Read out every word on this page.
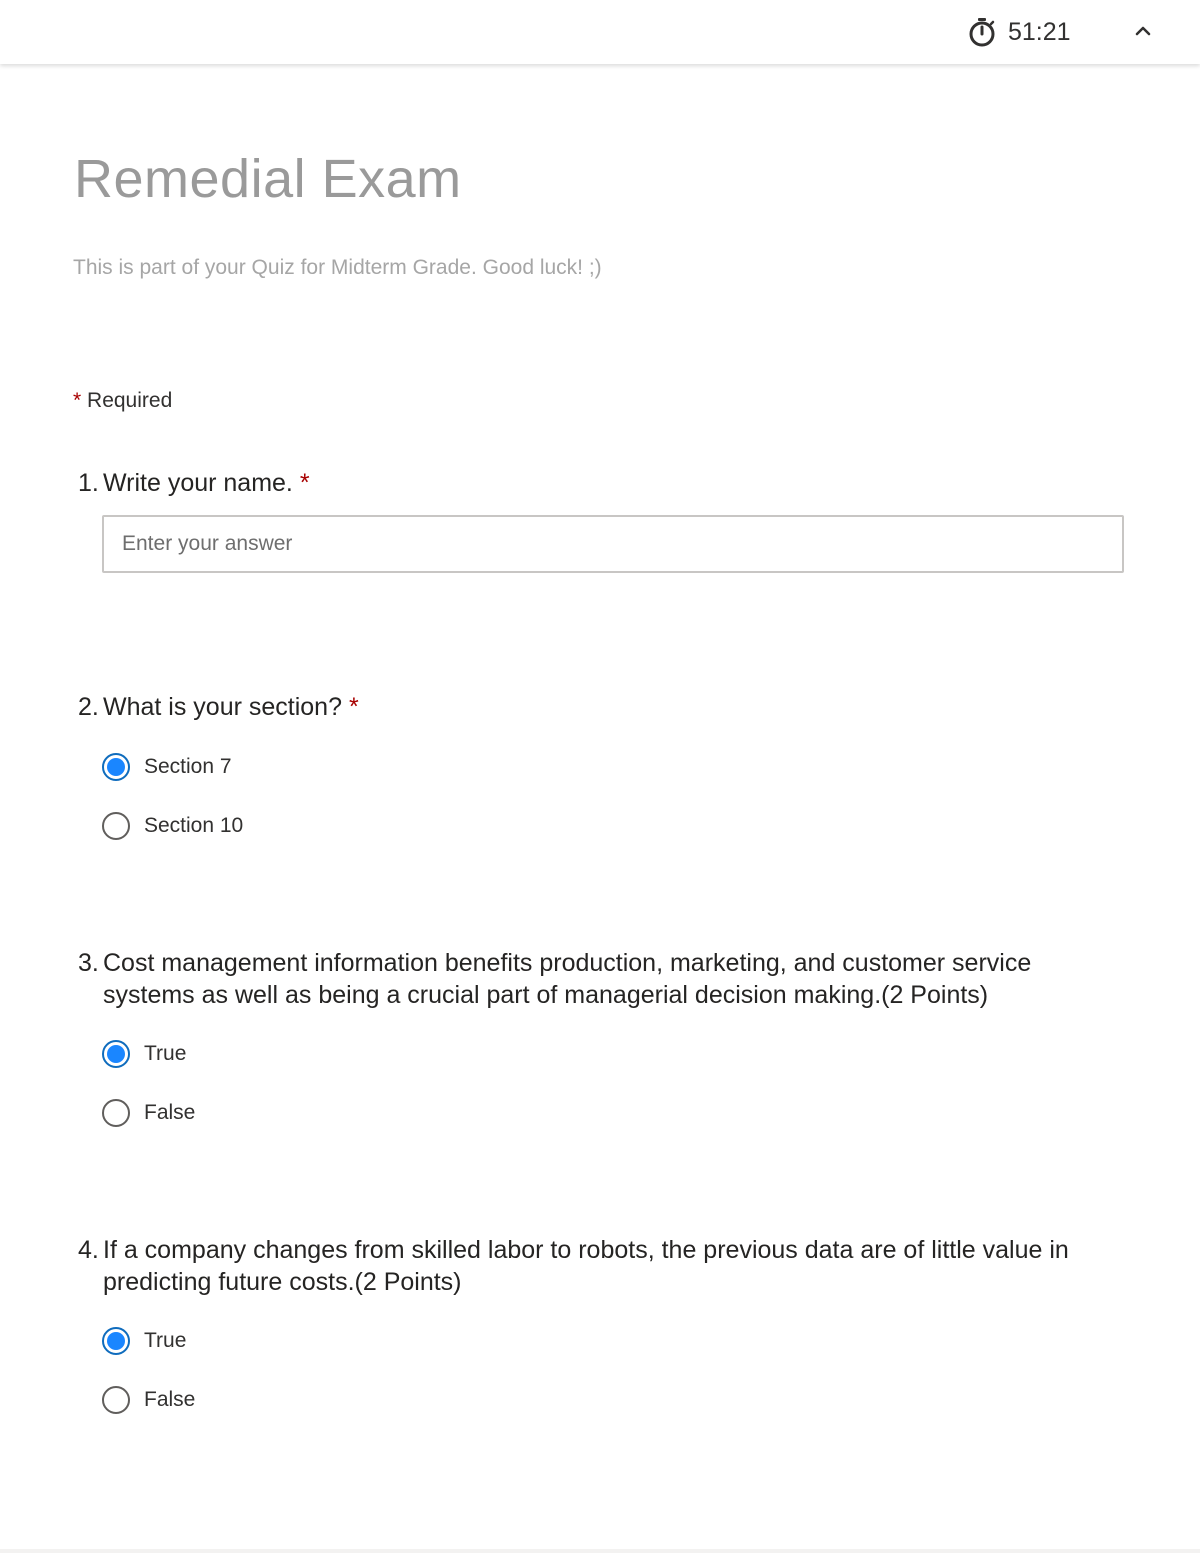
51:21
Remedial Exam
This is part of your Quiz for Midterm Grade. Good luck! ;)
* Required
1. Write your name. *
Enter your answer
2. What is your section? *
Section 7
Section 10
3. Cost management information benefits production, marketing, and customer service systems as well as being a crucial part of managerial decision making.(2 Points)
True
False
4. If a company changes from skilled labor to robots, the previous data are of little value in predicting future costs.(2 Points)
True
False
